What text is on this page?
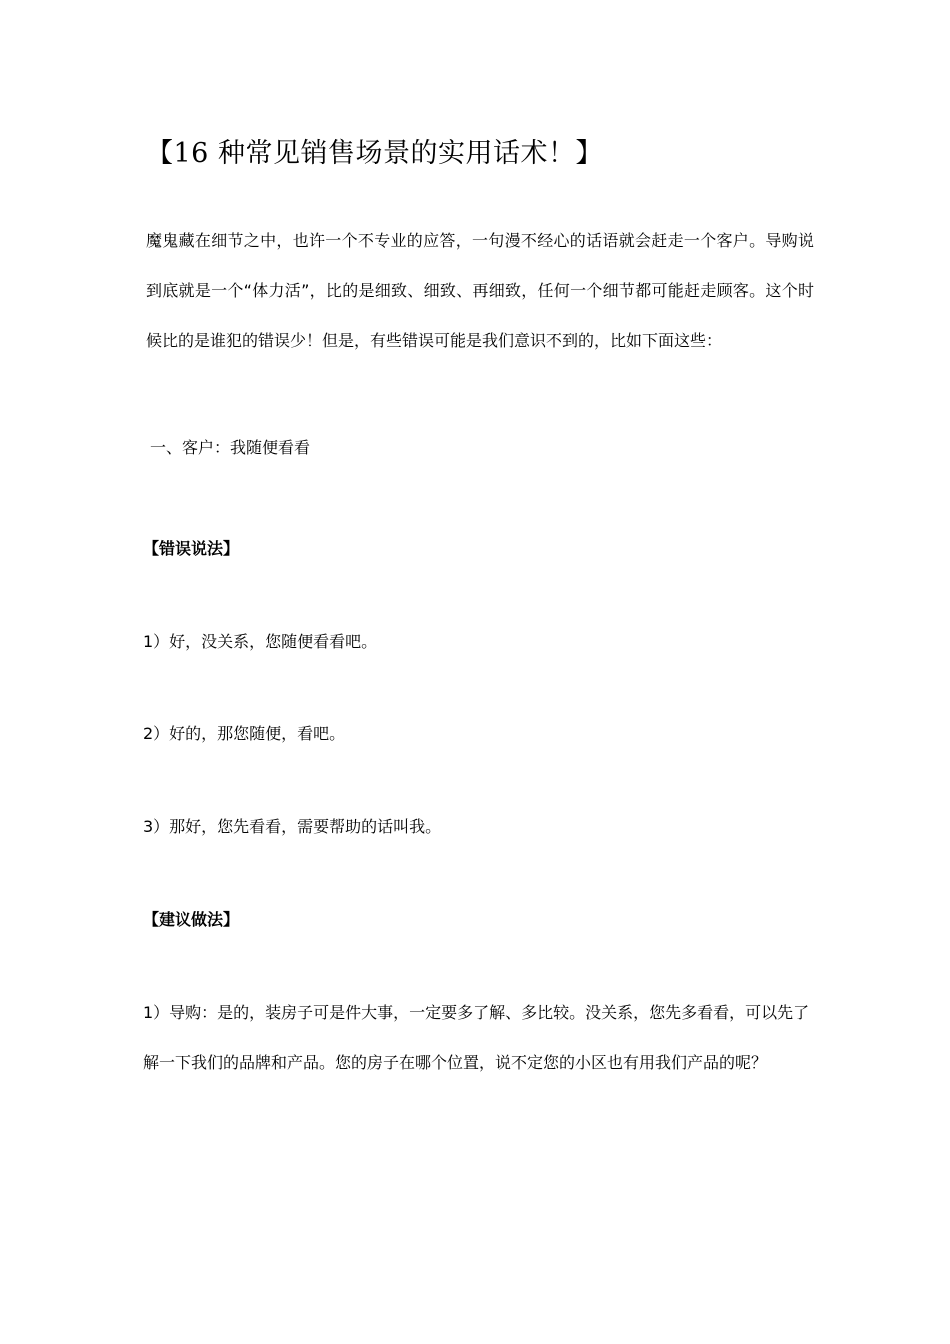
【16 种常见销售场景的实用话术！】

魔鬼藏在细节之中，也许一个不专业的应答，一句漫不经心的话语就会赶走一个客户。导购说到底就是一个“体力活”，比的是细致、细致、再细致，任何一个细节都可能赶走顾客。这个时候比的是谁犯的错误少！但是，有些错误可能是我们意识不到的，比如下面这些：

一、客户：我随便看看
【错误说法】
1）好，没关系，您随便看看吧。
2）好的，那您随便，看吧。
3）那好，您先看看，需要帮助的话叫我。
【建议做法】

1）导购：是的，装房子可是件大事，一定要多了解、多比较。没关系，您先多看看，可以先了解一下我们的品牌和产品。您的房子在哪个位置，说不定您的小区也有用我们产品的呢？
